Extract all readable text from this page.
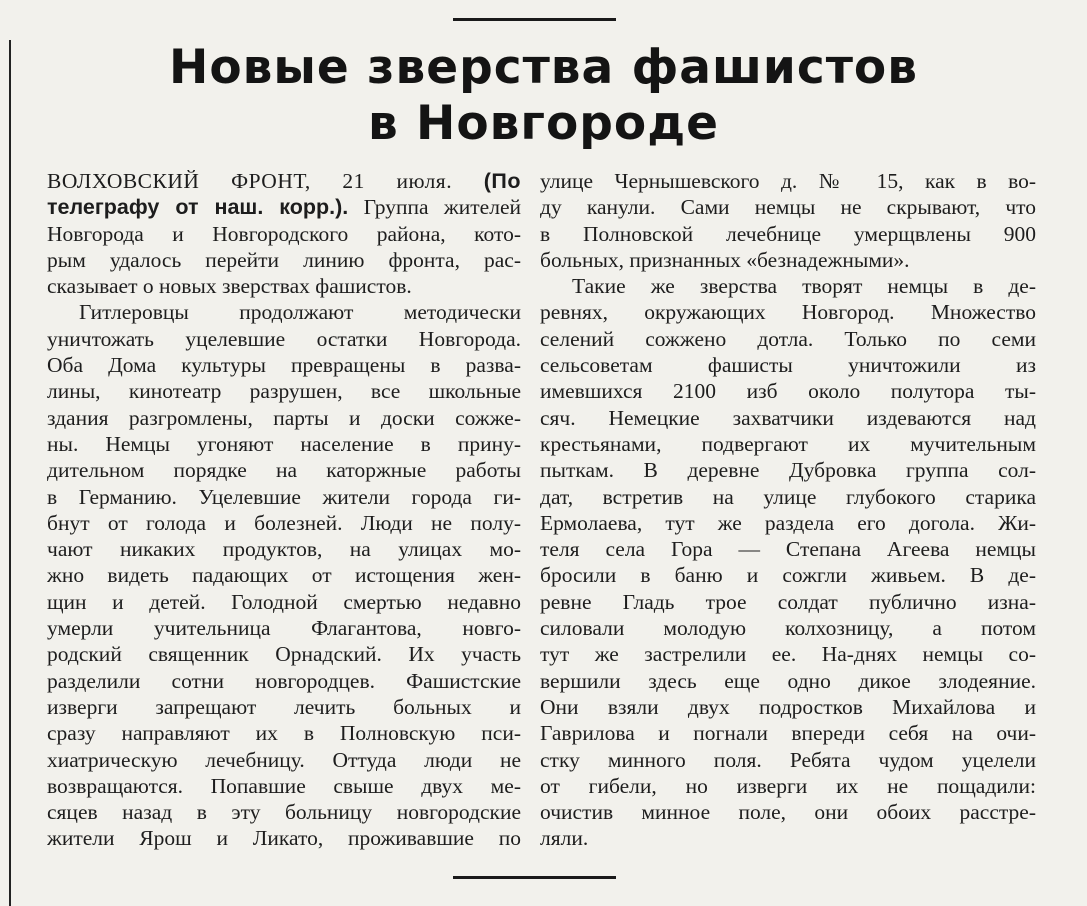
Новые зверства фашистов
в Новгороде
ВОЛХОВСКИЙ ФРОНТ, 21 июля. (По
телеграфу от наш. корр.). Группа жителей
Новгорода и Новгородского района, кото-
рым удалось перейти линию фронта, рас-
сказывает о новых зверствах фашистов.
Гитлеровцы продолжают методически
уничтожать уцелевшие остатки Новгорода.
Оба Дома культуры превращены в разва-
лины, кинотеатр разрушен, все школьные
здания разгромлены, парты и доски сожже-
ны. Немцы угоняют население в прину-
дительном порядке на каторжные работы
в Германию. Уцелевшие жители города ги-
бнут от голода и болезней. Люди не полу-
чают никаких продуктов, на улицах мо-
жно видеть падающих от истощения жен-
щин и детей. Голодной смертью недавно
умерли учительница Флагантова, новго-
родский священник Орнадский. Их участь
разделили сотни новгородцев. Фашистские
изверги запрещают лечить больных и
сразу направляют их в Полновскую пси-
хиатрическую лечебницу. Оттуда люди не
возвращаются. Попавшие свыше двух ме-
сяцев назад в эту больницу новгородские
жители Ярош и Ликато, проживавшие по
улице Чернышевского д. № 15, как в во-
ду канули. Сами немцы не скрывают, что
в Полновской лечебнице умерщвлены 900
больных, признанных «безнадежными».
Такие же зверства творят немцы в де-
ревнях, окружающих Новгород. Множество
селений сожжено дотла. Только по семи
сельсоветам фашисты уничтожили из
имевшихся 2100 изб около полутора ты-
сяч. Немецкие захватчики издеваются над
крестьянами, подвергают их мучительным
пыткам. В деревне Дубровка группа сол-
дат, встретив на улице глубокого старика
Ермолаева, тут же раздела его догола. Жи-
теля села Гора — Степана Агеева немцы
бросили в баню и сожгли живьем. В де-
ревне Гладь трое солдат публично изна-
силовали молодую колхозницу, а потом
тут же застрелили ее. На-днях немцы со-
вершили здесь еще одно дикое злодеяние.
Они взяли двух подростков Михайлова и
Гаврилова и погнали впереди себя на очи-
стку минного поля. Ребята чудом уцелели
от гибели, но изверги их не пощадили:
очистив минное поле, они обоих расстре-
ляли.
